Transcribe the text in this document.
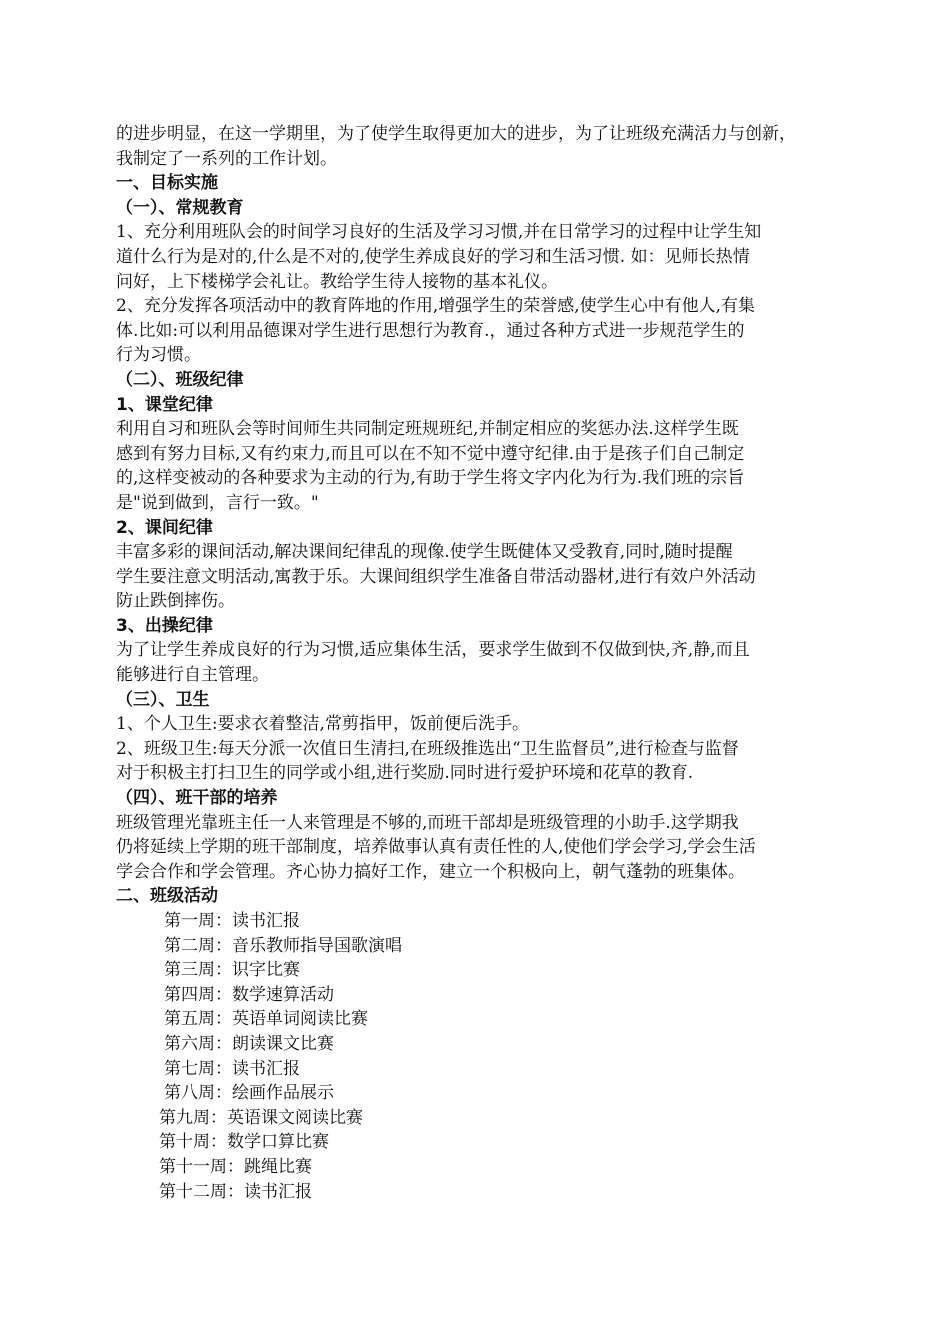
的进步明显，在这一学期里，为了使学生取得更加大的进步，为了让班级充满活力与创新，
我制定了一系列的工作计划。
一、目标实施
（一）、常规教育
1、充分利用班队会的时间学习良好的生活及学习习惯,并在日常学习的过程中让学生知
道什么行为是对的,什么是不对的,使学生养成良好的学习和生活习惯. 如：见师长热情
问好，上下楼梯学会礼让。教给学生待人接物的基本礼仪。
2、充分发挥各项活动中的教育阵地的作用,增强学生的荣誉感,使学生心中有他人,有集
体.比如:可以利用品德课对学生进行思想行为教育.，通过各种方式进一步规范学生的
行为习惯。
（二）、班级纪律
1、课堂纪律
利用自习和班队会等时间师生共同制定班规班纪,并制定相应的奖惩办法.这样学生既
感到有努力目标,又有约束力,而且可以在不知不觉中遵守纪律.由于是孩子们自己制定
的,这样变被动的各种要求为主动的行为,有助于学生将文字内化为行为.我们班的宗旨
是"说到做到，言行一致。"
2、课间纪律
丰富多彩的课间活动,解决课间纪律乱的现像.使学生既健体又受教育,同时,随时提醒
学生要注意文明活动,寓教于乐。大课间组织学生准备自带活动器材,进行有效户外活动
防止跌倒摔伤。
3、出操纪律
为了让学生养成良好的行为习惯,适应集体生活，要求学生做到不仅做到快,齐,静,而且
能够进行自主管理。
（三）、卫生
1、个人卫生:要求衣着整洁,常剪指甲，饭前便后洗手。
2、班级卫生:每天分派一次值日生清扫,在班级推选出“卫生监督员”,进行检查与监督
对于积极主打扫卫生的同学或小组,进行奖励.同时进行爱护环境和花草的教育.
（四）、班干部的培养
班级管理光靠班主任一人来管理是不够的,而班干部却是班级管理的小助手.这学期我
仍将延续上学期的班干部制度，培养做事认真有责任性的人,使他们学会学习,学会生活
学会合作和学会管理。齐心协力搞好工作，建立一个积极向上，朝气蓬勃的班集体。
二、班级活动
第一周：读书汇报
第二周：音乐教师指导国歌演唱
第三周：识字比赛
第四周：数学速算活动
第五周：英语单词阅读比赛
第六周：朗读课文比赛
第七周：读书汇报
第八周：绘画作品展示
第九周：英语课文阅读比赛
第十周：数学口算比赛
第十一周：跳绳比赛
第十二周：读书汇报
